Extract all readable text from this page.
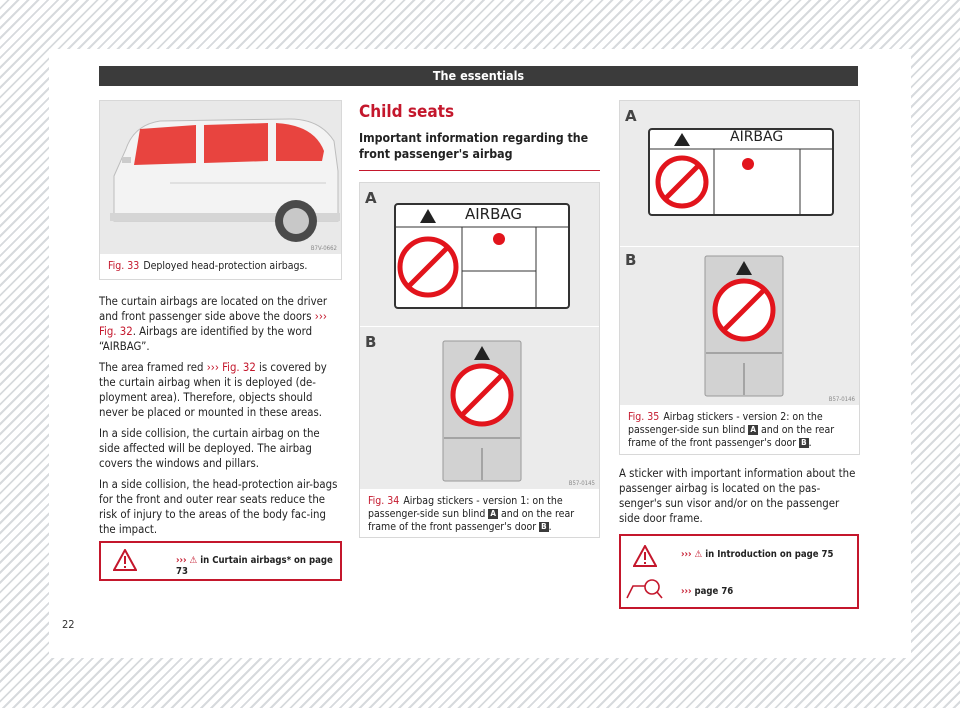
The essentials
B7V-0662
Fig. 33 Deployed head-protection airbags.

The curtain airbags are located on the driver and front passenger side above the doors ››› Fig. 32. Airbags are identified by the word “AIRBAG”.

The area framed red ››› Fig. 32 is covered by the curtain airbag when it is deployed (de-ployment area). Therefore, objects should never be placed or mounted in these areas.

In a side collision, the curtain airbag on the side affected will be deployed. The airbag covers the windows and pillars.

In a side collision, the head-protection air-bags for the front and outer rear seats reduce the risk of injury to the areas of the body fac-ing the impact.

››› ⚠ in Curtain airbags* on page 73
Child seats
Important information regarding the front passenger's airbag
A
B
AIRBAG
B57-0145
Fig. 34 Airbag stickers - version 1: on the passenger-side sun blind A and on the rear frame of the front passenger's door B .
A
B
AIRBAG
B57-0146
Fig. 35 Airbag stickers - version 2: on the passenger-side sun blind A and on the rear frame of the front passenger's door B .

A sticker with important information about the passenger airbag is located on the pas-senger's sun visor and/or on the passenger side door frame.

››› ⚠ in Introduction on page 75
››› page 76
22
